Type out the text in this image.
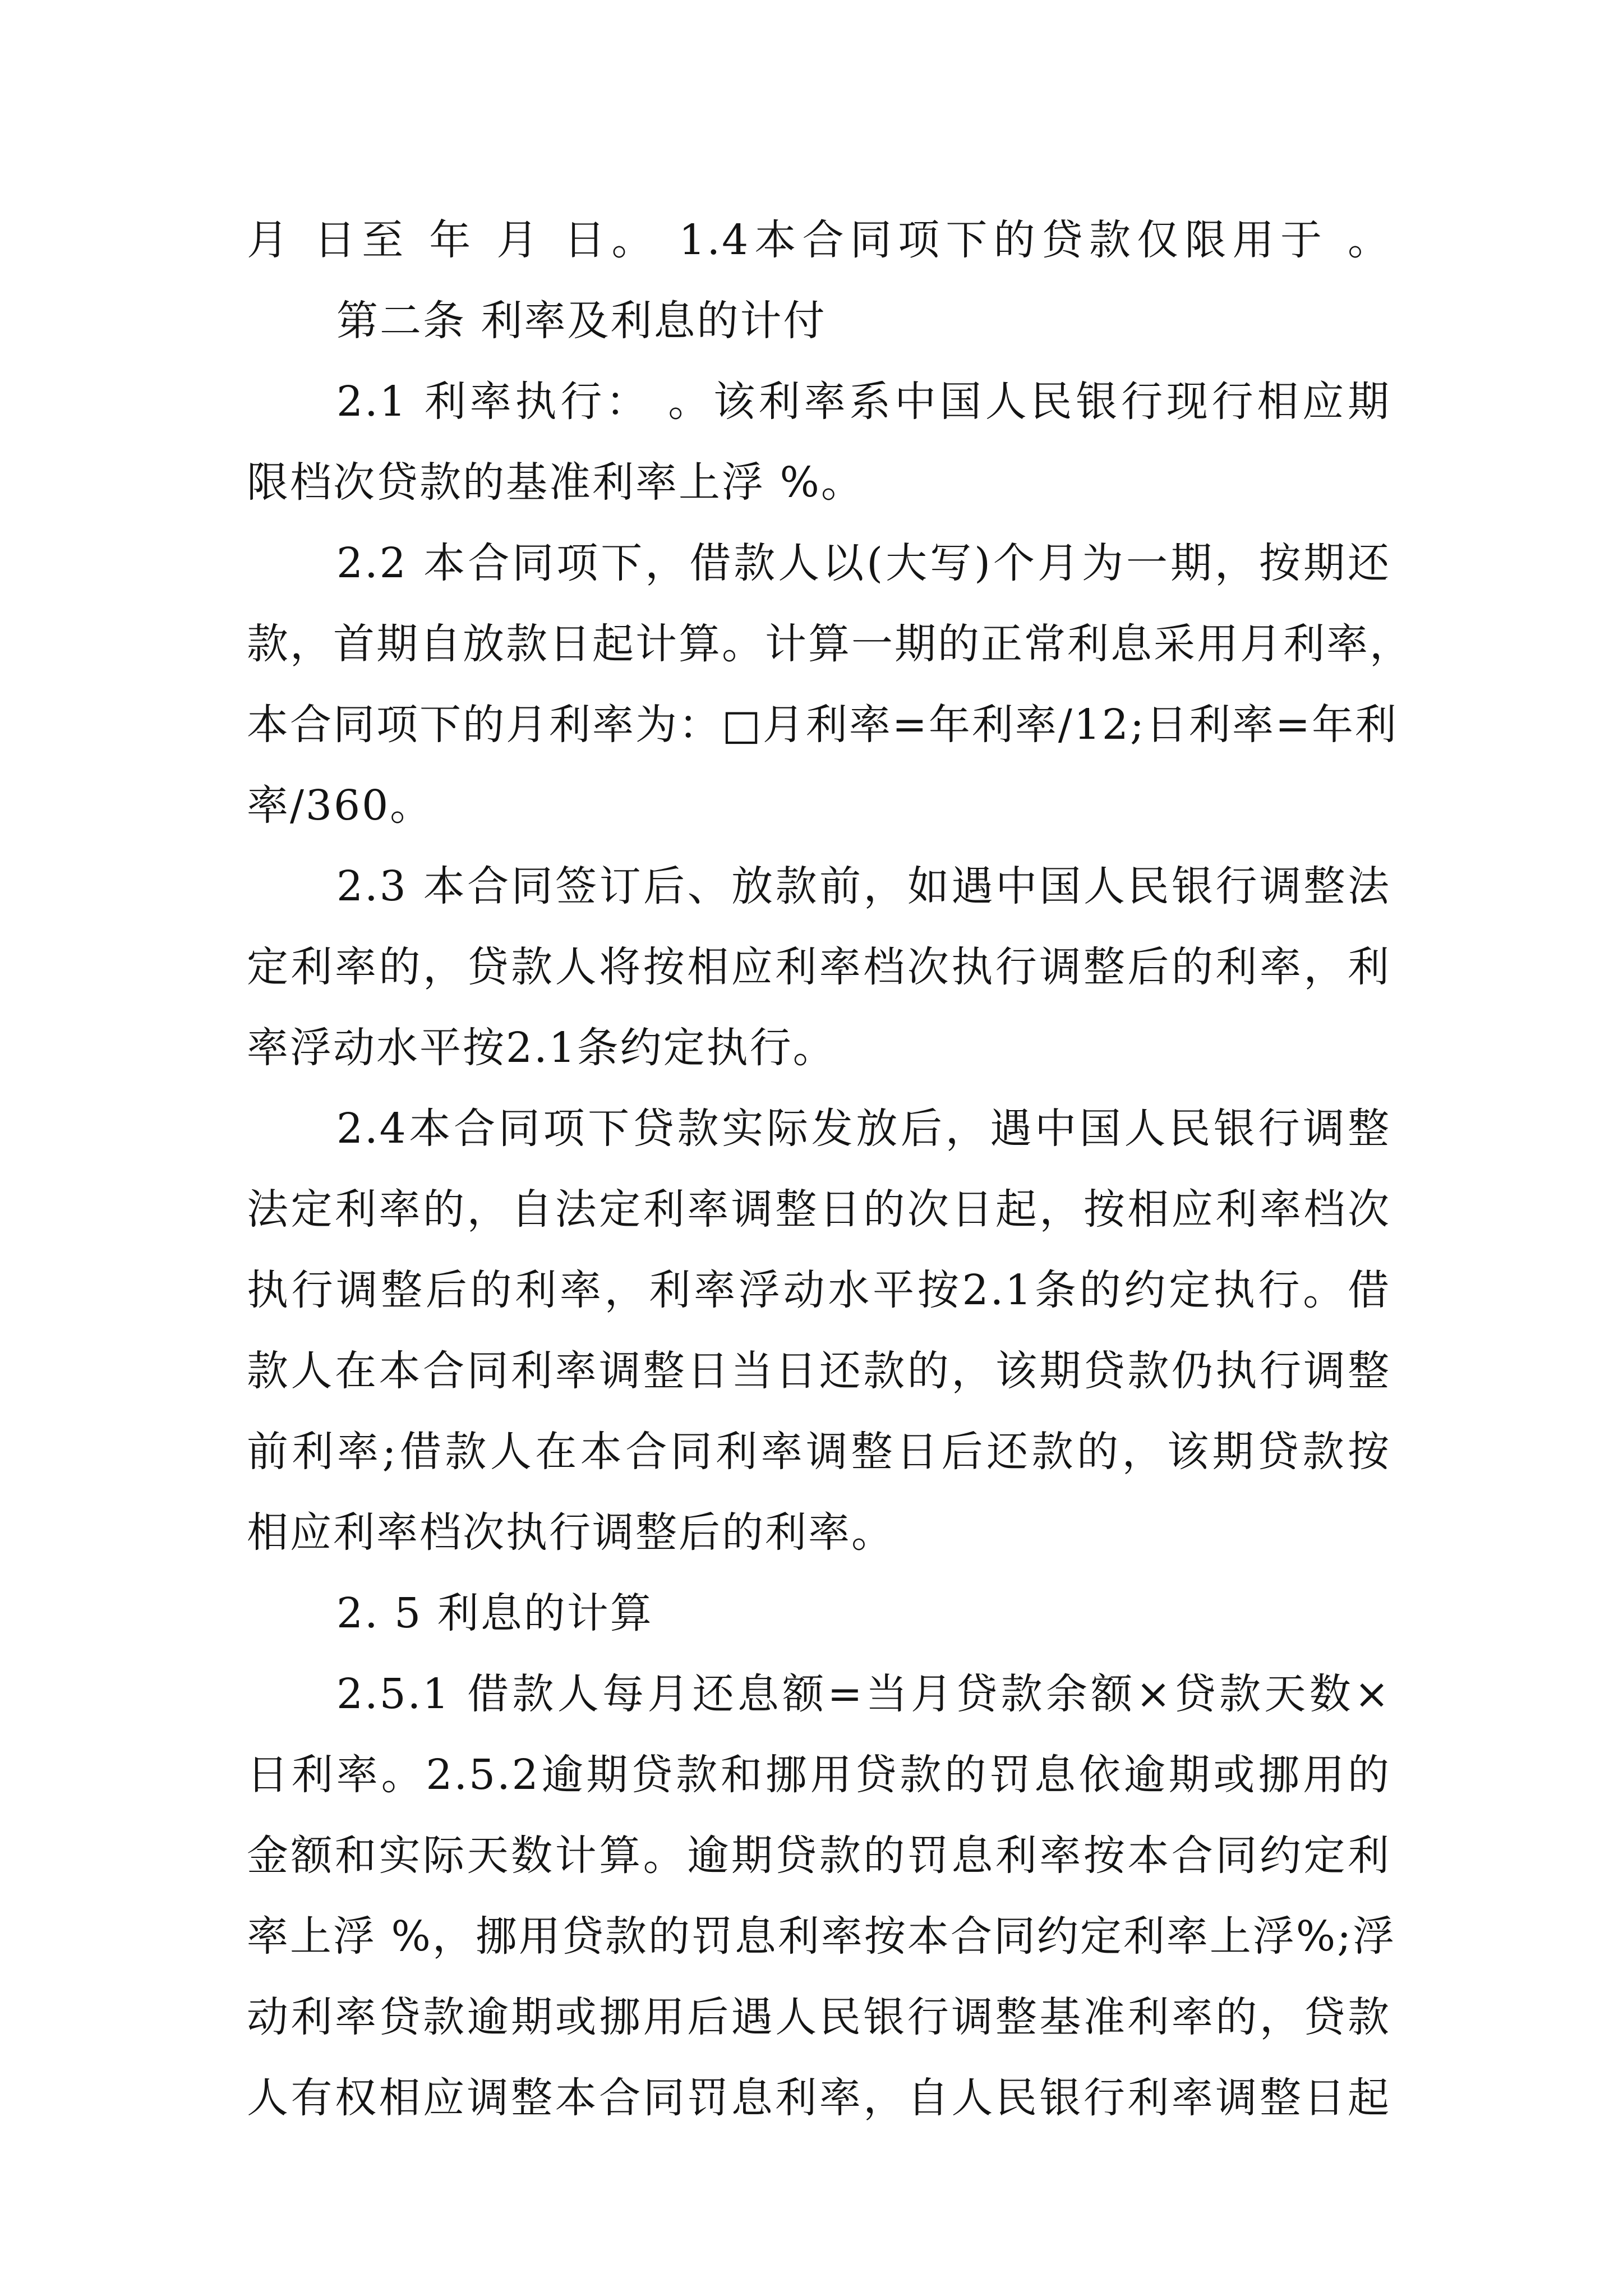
月 日至 年 月 日。 1.4本合同项下的贷款仅限用于 。
第二条 利率及利息的计付
2.1 利率执行： 。该利率系中国人民银行现行相应期
限档次贷款的基准利率上浮 %。
2.2 本合同项下，借款人以(大写)个月为一期，按期还
款，首期自放款日起计算。计算一期的正常利息采用月利率，
本合同项下的月利率为：□月利率=年利率/12;日利率=年利
率/360。
2.3 本合同签订后、放款前，如遇中国人民银行调整法
定利率的，贷款人将按相应利率档次执行调整后的利率，利
率浮动水平按2.1条约定执行。
2.4本合同项下贷款实际发放后，遇中国人民银行调整
法定利率的，自法定利率调整日的次日起，按相应利率档次
执行调整后的利率，利率浮动水平按2.1条的约定执行。借
款人在本合同利率调整日当日还款的，该期贷款仍执行调整
前利率;借款人在本合同利率调整日后还款的，该期贷款按
相应利率档次执行调整后的利率。
2. 5 利息的计算
2.5.1 借款人每月还息额=当月贷款余额×贷款天数×
日利率。2.5.2逾期贷款和挪用贷款的罚息依逾期或挪用的
金额和实际天数计算。逾期贷款的罚息利率按本合同约定利
率上浮 %，挪用贷款的罚息利率按本合同约定利率上浮%;浮
动利率贷款逾期或挪用后遇人民银行调整基准利率的，贷款
人有权相应调整本合同罚息利率，自人民银行利率调整日起
